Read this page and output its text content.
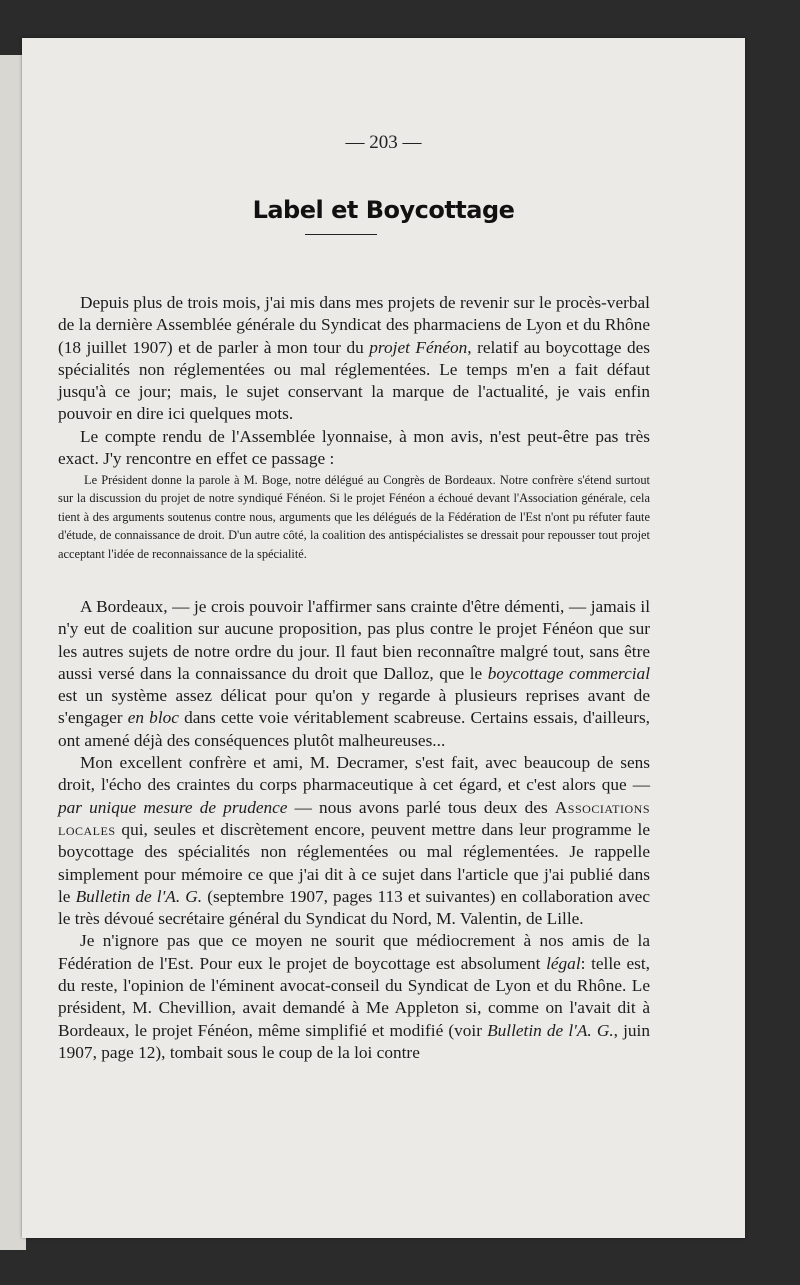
— 203 —
Label et Boycottage

Depuis plus de trois mois, j'ai mis dans mes projets de revenir sur le procès-verbal de la dernière Assemblée générale du Syndicat des pharmaciens de Lyon et du Rhône (18 juillet 1907) et de parler à mon tour du projet Fénéon, relatif au boycottage des spécialités non réglementées ou mal réglementées. Le temps m'en a fait défaut jusqu'à ce jour; mais, le sujet conservant la marque de l'actualité, je vais enfin pouvoir en dire ici quelques mots.

Le compte rendu de l'Assemblée lyonnaise, à mon avis, n'est peut-être pas très exact. J'y rencontre en effet ce passage :

Le Président donne la parole à M. Boge, notre délégué au Congrès de Bordeaux. Notre confrère s'étend surtout sur la discussion du projet de notre syndiqué Fénéon. Si le projet Fénéon a échoué devant l'Association générale, cela tient à des arguments soutenus contre nous, arguments que les délégués de la Fédération de l'Est n'ont pu réfuter faute d'étude, de connaissance de droit. D'un autre côté, la coalition des antispécialistes se dressait pour repousser tout projet acceptant l'idée de reconnaissance de la spécialité.

A Bordeaux, — je crois pouvoir l'affirmer sans crainte d'être démenti, — jamais il n'y eut de coalition sur aucune proposition, pas plus contre le projet Fénéon que sur les autres sujets de notre ordre du jour. Il faut bien reconnaître malgré tout, sans être aussi versé dans la connaissance du droit que Dalloz, que le boycottage commercial est un système assez délicat pour qu'on y regarde à plusieurs reprises avant de s'engager en bloc dans cette voie véritablement scabreuse. Certains essais, d'ailleurs, ont amené déjà des conséquences plutôt malheureuses...

Mon excellent confrère et ami, M. Decramer, s'est fait, avec beaucoup de sens droit, l'écho des craintes du corps pharmaceutique à cet égard, et c'est alors que — par unique mesure de prudence — nous avons parlé tous deux des Associations locales qui, seules et discrètement encore, peuvent mettre dans leur programme le boycottage des spécialités non réglementées ou mal réglementées. Je rappelle simplement pour mémoire ce que j'ai dit à ce sujet dans l'article que j'ai publié dans le Bulletin de l'A. G. (septembre 1907, pages 113 et suivantes) en collaboration avec le très dévoué secrétaire général du Syndicat du Nord, M. Valentin, de Lille.

Je n'ignore pas que ce moyen ne sourit que médiocrement à nos amis de la Fédération de l'Est. Pour eux le projet de boycottage est absolument légal: telle est, du reste, l'opinion de l'éminent avocat-conseil du Syndicat de Lyon et du Rhône. Le président, M. Chevillion, avait demandé à Me Appleton si, comme on l'avait dit à Bordeaux, le projet Fénéon, même simplifié et modifié (voir Bulletin de l'A. G., juin 1907, page 12), tombait sous le coup de la loi contre
